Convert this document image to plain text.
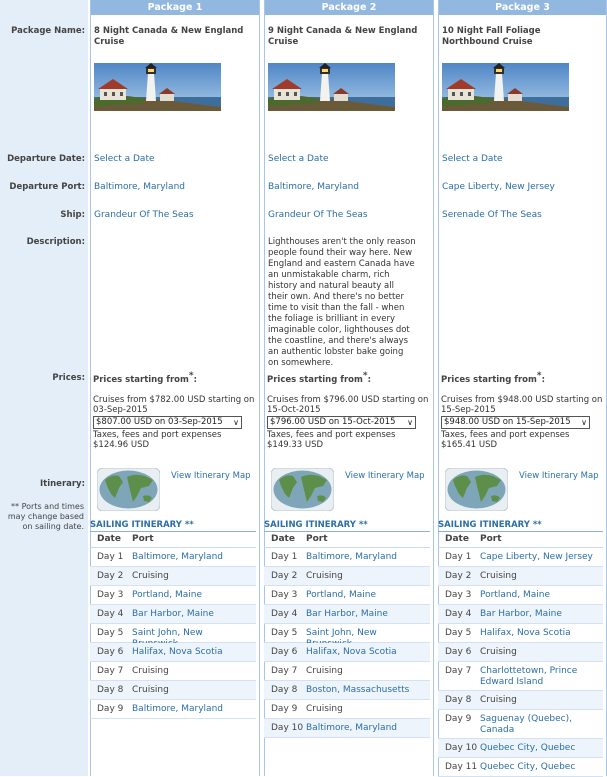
Package Name:
Departure Date:
Departure Port:
Ship:
Description:
Prices:
Itinerary:
** Ports and times may change based on sailing date.
Package 1
8 Night Canada & New England Cruise
Select a Date
Baltimore, Maryland
Grandeur Of The Seas
Prices starting from*:
Cruises from $782.00 USD starting on 03-Sep-2015
$807.00 USD on 03-Sep-2015 ∨
Taxes, fees and port expenses
$124.96 USD
View Itinerary Map
SAILING ITINERARY **
Date Port
Day 1 Baltimore, Maryland
Day 2 Cruising
Day 3 Portland, Maine
Day 4 Bar Harbor, Maine
Day 5 Saint John, New
Day 6 Halifax, Nova Scotia
Day 7 Cruising
Day 8 Cruising
Day 9 Baltimore, Maryland
Package 2
9 Night Canada & New England Cruise
Select a Date
Baltimore, Maryland
Grandeur Of The Seas
Lighthouses aren't the only reason people found their way here. New England and eastern Canada have an unmistakable charm, rich history and natural beauty all their own. And there's no better time to visit than the fall - when the foliage is brilliant in every imaginable color, lighthouses dot the coastline, and there's always an authentic lobster bake going on somewhere.
Prices starting from*:
Cruises from $796.00 USD starting on 15-Oct-2015
$796.00 USD on 15-Oct-2015 ∨
Taxes, fees and port expenses
$149.33 USD
View Itinerary Map
SAILING ITINERARY **
Date Port
Day 1 Baltimore, Maryland
Day 2 Cruising
Day 3 Portland, Maine
Day 4 Bar Harbor, Maine
Day 5 Saint John, New
Day 6 Halifax, Nova Scotia
Day 7 Cruising
Day 8 Boston, Massachusetts
Day 9 Cruising
Day 10 Baltimore, Maryland
Package 3
10 Night Fall Foliage Northbound Cruise
Select a Date
Cape Liberty, New Jersey
Serenade Of The Seas
Prices starting from*:
Cruises from $948.00 USD starting on 15-Sep-2015
$948.00 USD on 15-Sep-2015 ∨
Taxes, fees and port expenses
$165.41 USD
View Itinerary Map
SAILING ITINERARY **
Date Port
Day 1 Cape Liberty, New Jersey
Day 2 Cruising
Day 3 Portland, Maine
Day 4 Bar Harbor, Maine
Day 5 Halifax, Nova Scotia
Day 6 Cruising
Day 7 Charlottetown, Prince Edward Island
Day 8 Cruising
Day 9 Saguenay (Quebec), Canada
Day 10 Quebec City, Quebec
Day 11 Quebec City, Quebec
